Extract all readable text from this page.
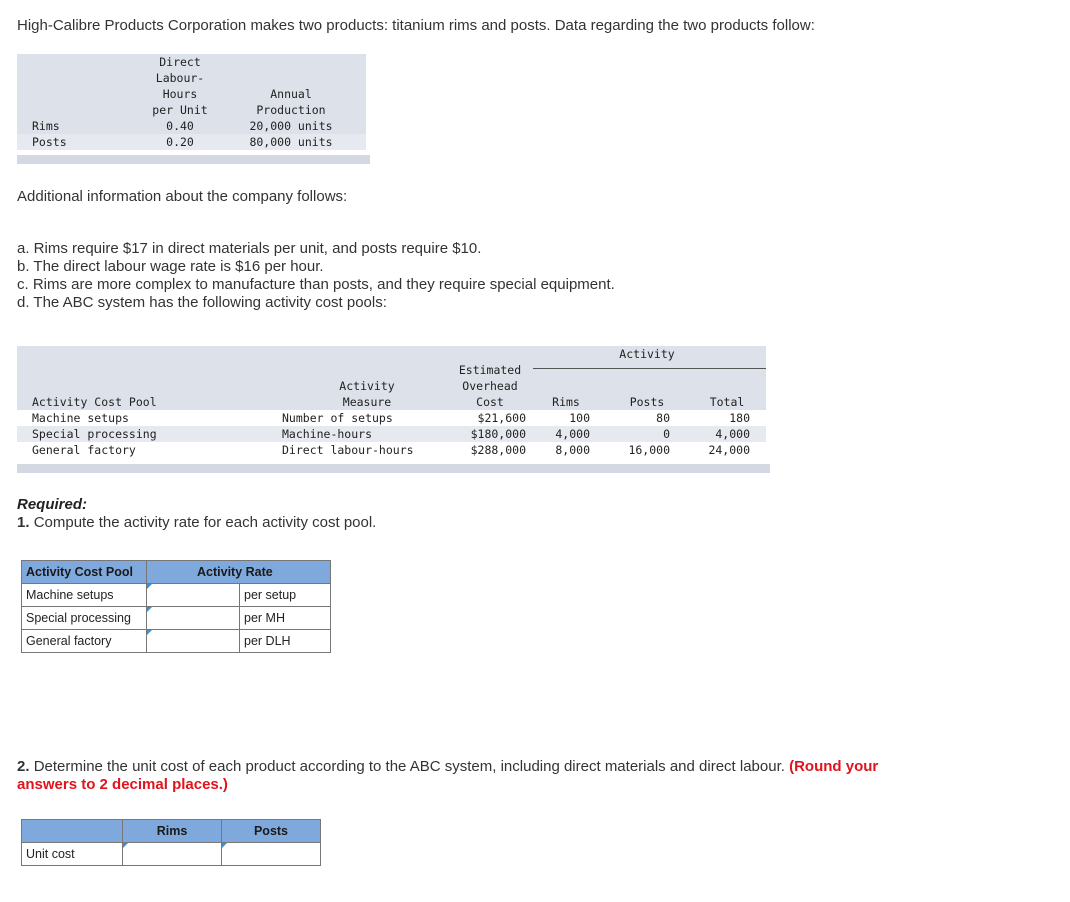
High-Calibre Products Corporation makes two products: titanium rims and posts. Data regarding the two products follow:
Direct
Labour-
Hours
per Unit
Annual
Production
Rims	0.40	20,000 units
Posts	0.20	80,000 units
Additional information about the company follows:
a. Rims require $17 in direct materials per unit, and posts require $10.
b. The direct labour wage rate is $16 per hour.
c. Rims are more complex to manufacture than posts, and they require special equipment.
d. The ABC system has the following activity cost pools:
Activity
Estimated
Overhead
Cost
Activity
Measure
Activity Cost Pool	Rims	Posts	Total
Machine setups	Number of setups	$21,600	100	80	180
Special processing	Machine-hours	$180,000	4,000	0	4,000
General factory	Direct labour-hours	$288,000	8,000	16,000	24,000
Required:
1. Compute the activity rate for each activity cost pool.
Activity Cost Pool	Activity Rate	
Machine setups		per setup
Special processing		per MH
General factory		per DLH
2. Determine the unit cost of each product according to the ABC system, including direct materials and direct labour. (Round your
answers to 2 decimal places.)
	Rims	Posts
Unit cost		
